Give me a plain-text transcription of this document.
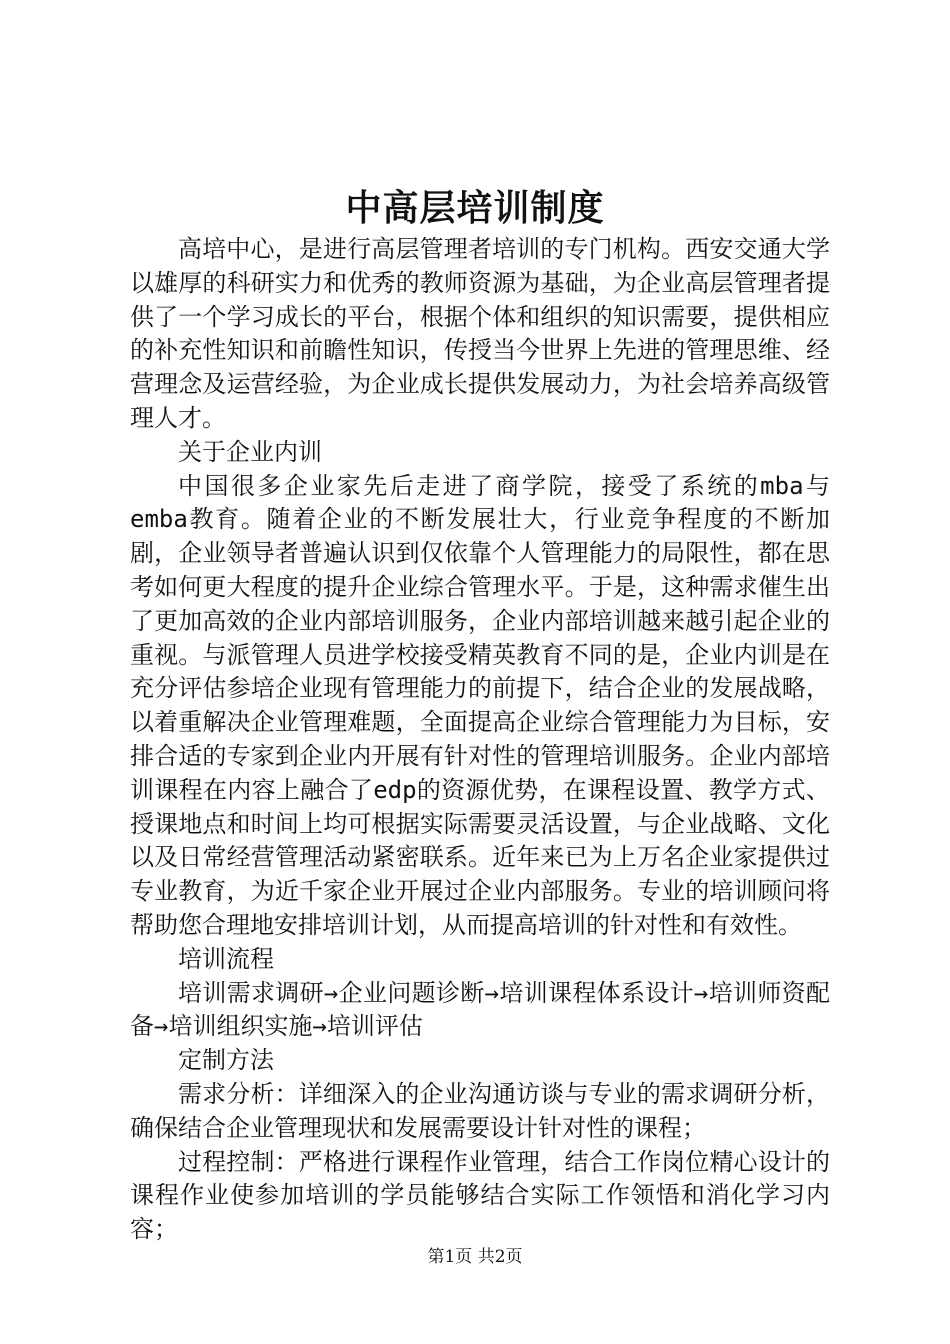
中高层培训制度

高培中心，是进行高层管理者培训的专门机构。西安交通大学以雄厚的科研实力和优秀的教师资源为基础，为企业高层管理者提供了一个学习成长的平台，根据个体和组织的知识需要，提供相应的补充性知识和前瞻性知识，传授当今世界上先进的管理思维、经营理念及运营经验，为企业成长提供发展动力，为社会培养高级管理人才。

关于企业内训

中国很多企业家先后走进了商学院，接受了系统的mba与emba教育。随着企业的不断发展壮大，行业竞争程度的不断加剧，企业领导者普遍认识到仅依靠个人管理能力的局限性，都在思考如何更大程度的提升企业综合管理水平。于是，这种需求催生出了更加高效的企业内部培训服务，企业内部培训越来越引起企业的重视。与派管理人员进学校接受精英教育不同的是，企业内训是在充分评估参培企业现有管理能力的前提下，结合企业的发展战略，以着重解决企业管理难题，全面提高企业综合管理能力为目标，安排合适的专家到企业内开展有针对性的管理培训服务。企业内部培训课程在内容上融合了edp的资源优势，在课程设置、教学方式、授课地点和时间上均可根据实际需要灵活设置，与企业战略、文化以及日常经营管理活动紧密联系。近年来已为上万名企业家提供过专业教育，为近千家企业开展过企业内部服务。专业的培训顾问将帮助您合理地安排培训计划，从而提高培训的针对性和有效性。

培训流程

培训需求调研→企业问题诊断→培训课程体系设计→培训师资配备→培训组织实施→培训评估

定制方法

需求分析：详细深入的企业沟通访谈与专业的需求调研分析，确保结合企业管理现状和发展需要设计针对性的课程；

过程控制：严格进行课程作业管理，结合工作岗位精心设计的课程作业使参加培训的学员能够结合实际工作领悟和消化学习内容；

第1页 共2页
